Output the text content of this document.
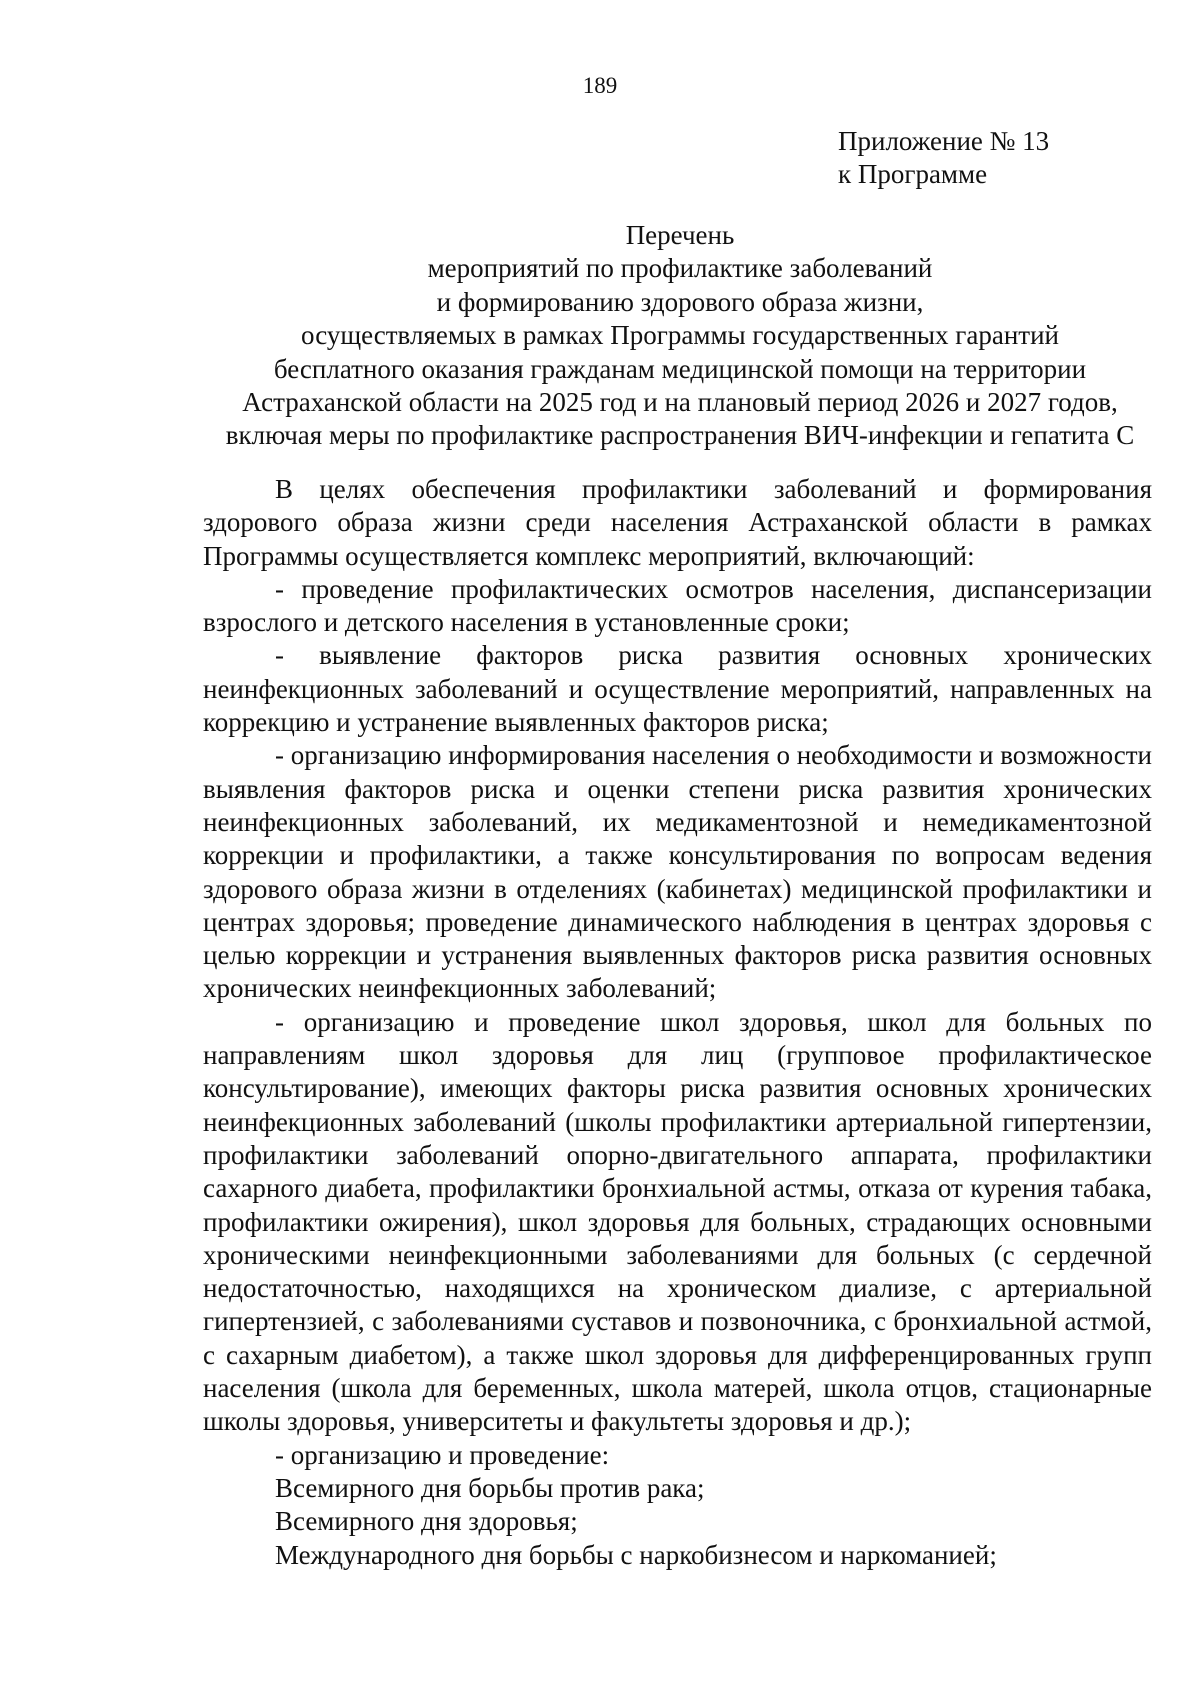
189
Приложение № 13
к Программе
Перечень
мероприятий по профилактике заболеваний
и формированию здорового образа жизни,
осуществляемых в рамках Программы государственных гарантий
бесплатного оказания гражданам медицинской помощи на территории
Астраханской области на 2025 год и на плановый период 2026 и 2027 годов,
включая меры по профилактике распространения ВИЧ-инфекции и гепатита С

В целях обеспечения профилактики заболеваний и формирования здорового образа жизни среди населения Астраханской области в рамках Программы осуществляется комплекс мероприятий, включающий:

- проведение профилактических осмотров населения, диспансеризации взрослого и детского населения в установленные сроки;

- выявление факторов риска развития основных хронических неинфекционных заболеваний и осуществление мероприятий, направленных на коррекцию и устранение выявленных факторов риска;

- организацию информирования населения о необходимости и возможности выявления факторов риска и оценки степени риска развития хронических неинфекционных заболеваний, их медикаментозной и немедикаментозной коррекции и профилактики, а также консультирования по вопросам ведения здорового образа жизни в отделениях (кабинетах) медицинской профилактики и центрах здоровья; проведение динамического наблюдения в центрах здоровья с целью коррекции и устранения выявленных факторов риска развития основных хронических неинфекционных заболеваний;

- организацию и проведение школ здоровья, школ для больных по направлениям школ здоровья для лиц (групповое профилактическое консультирование), имеющих факторы риска развития основных хронических неинфекционных заболеваний (школы профилактики артериальной гипертензии, профилактики заболеваний опорно-двигательного аппарата, профилактики сахарного диабета, профилактики бронхиальной астмы, отказа от курения табака, профилактики ожирения), школ здоровья для больных, страдающих основными хроническими неинфекционными заболеваниями для больных (с сердечной недостаточностью, находящихся на хроническом диализе, с артериальной гипертензией, с заболеваниями суставов и позвоночника, с бронхиальной астмой, с сахарным диабетом), а также школ здоровья для дифференцированных групп населения (школа для беременных, школа матерей, школа отцов, стационарные школы здоровья, университеты и факультеты здоровья и др.);

- организацию и проведение:

Всемирного дня борьбы против рака;

Всемирного дня здоровья;

Международного дня борьбы с наркобизнесом и наркоманией;
